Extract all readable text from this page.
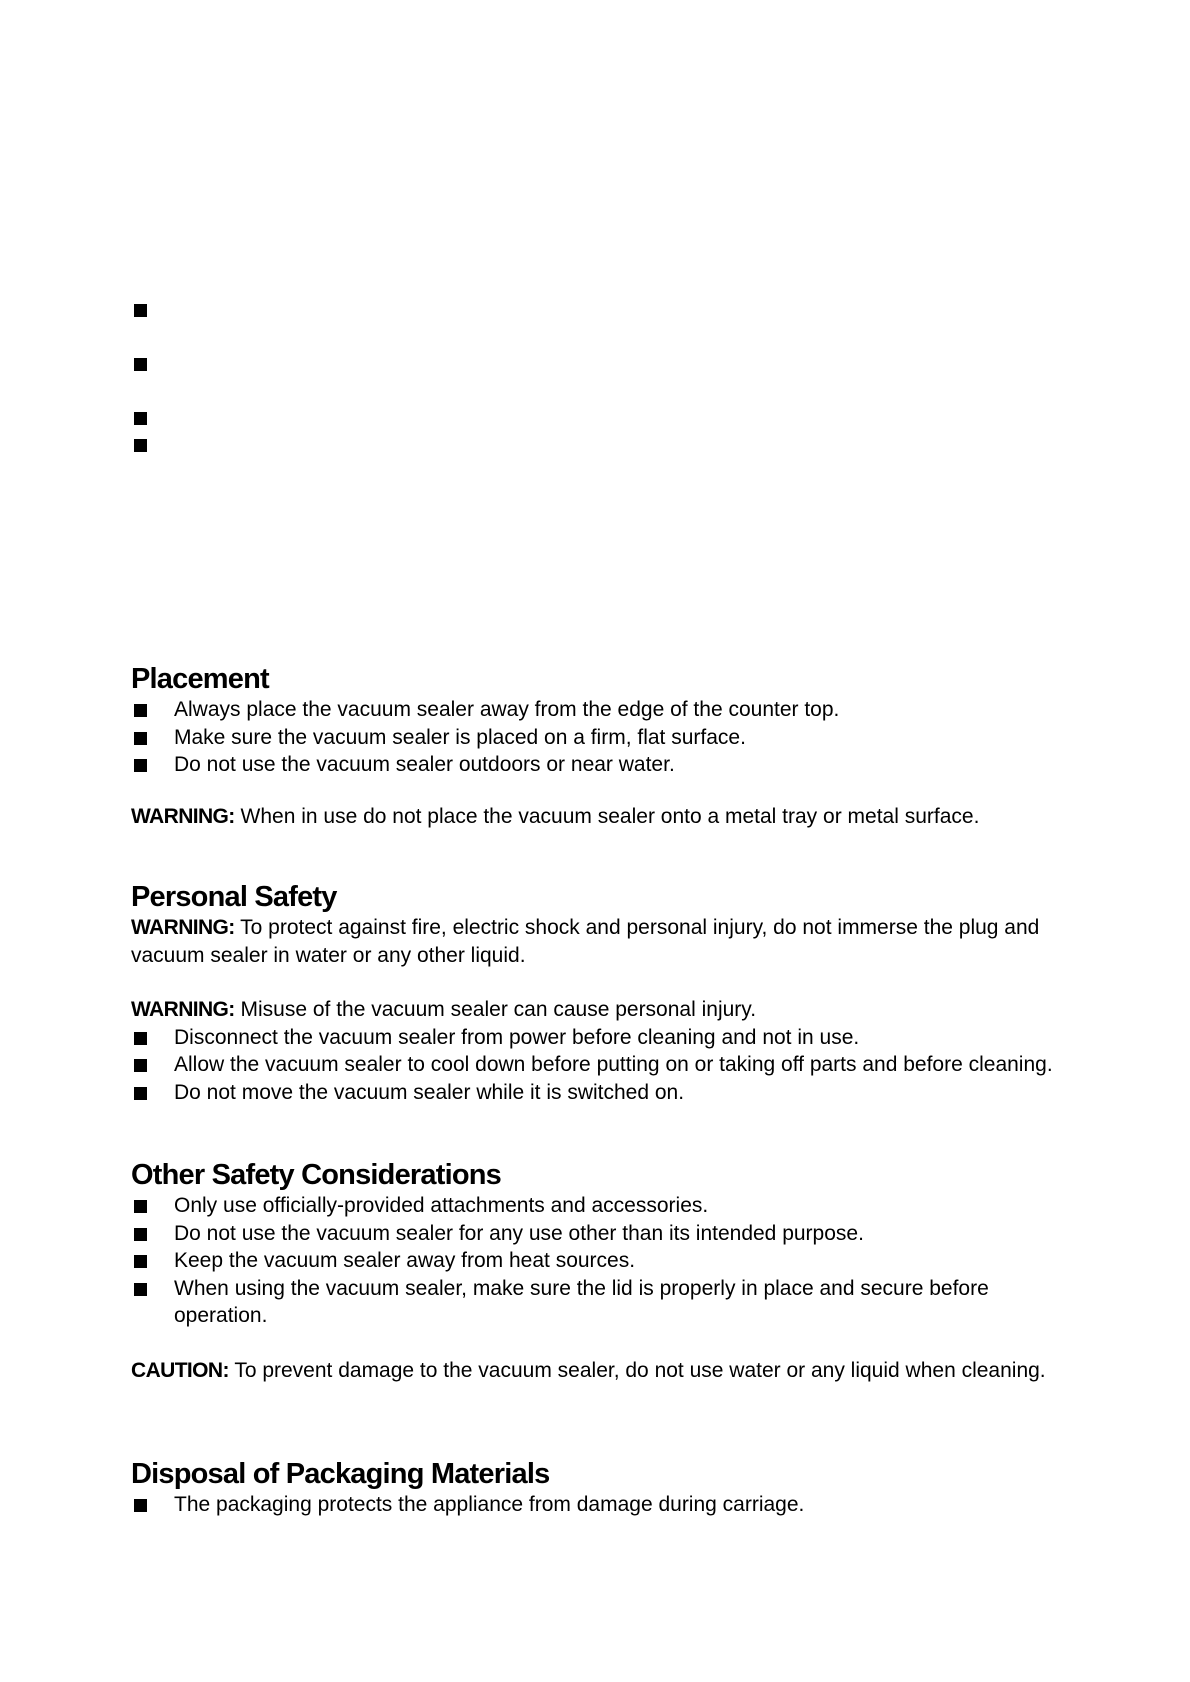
Placement
Always place the vacuum sealer away from the edge of the counter top.
Make sure the vacuum sealer is placed on a firm, flat surface.
Do not use the vacuum sealer outdoors or near water.

WARNING: When in use do not place the vacuum sealer onto a metal tray or metal surface.

Personal Safety

WARNING: To protect against fire, electric shock and personal injury, do not immerse the plug and vacuum sealer in water or any other liquid.

WARNING: Misuse of the vacuum sealer can cause personal injury.

Disconnect the vacuum sealer from power before cleaning and not in use.
Allow the vacuum sealer to cool down before putting on or taking off parts and before cleaning.
Do not move the vacuum sealer while it is switched on.
Other Safety Considerations
Only use officially-provided attachments and accessories.
Do not use the vacuum sealer for any use other than its intended purpose.
Keep the vacuum sealer away from heat sources.
When using the vacuum sealer, make sure the lid is properly in place and secure before operation.

CAUTION: To prevent damage to the vacuum sealer, do not use water or any liquid when cleaning.

Disposal of Packaging Materials
The packaging protects the appliance from damage during carriage.
